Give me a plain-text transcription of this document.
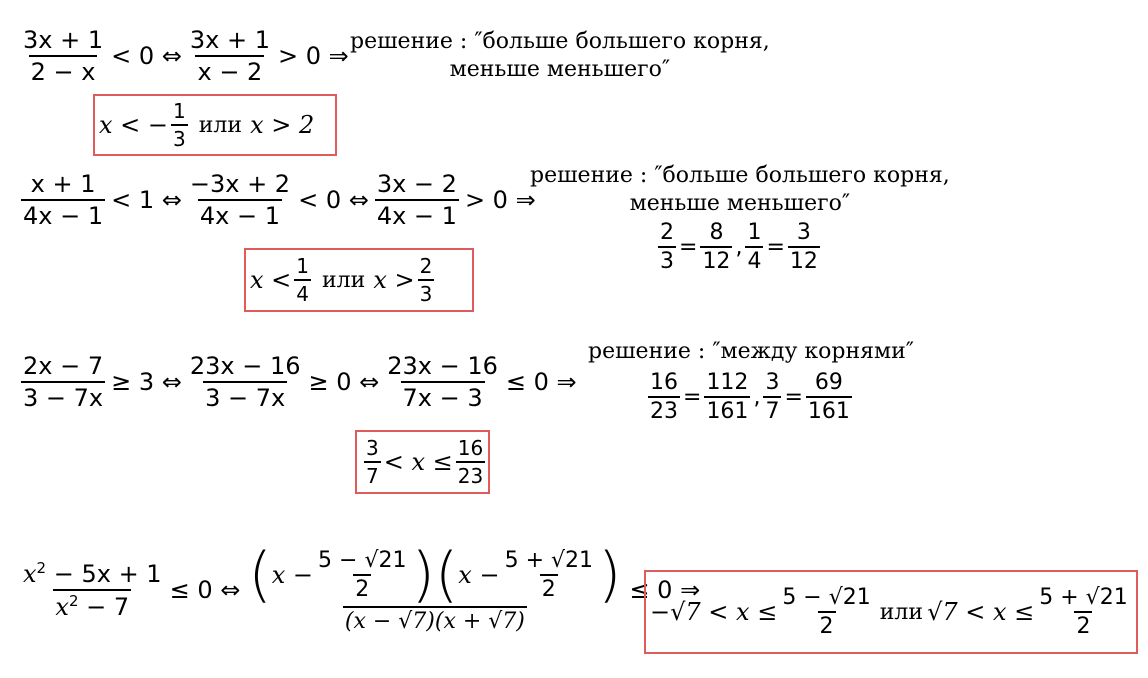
$\frac{3x + 1}{2 - x} < 0$ ⇔ $\frac{3x + 1}{x - 2} > 0$ ⇒
решение : ″больше большего корня,
меньше меньшего″
x < − $\frac{1}{3}$ или x > 2
$\frac{x + 1}{4x - 1} < 1$ ⇔ $\frac{-3x + 2}{4x - 1} < 0$ ⇔ $\frac{3x - 2}{4x - 1} > 0$ ⇒
решение : ″больше большего корня,
меньше меньшего″
$\frac{2}{3} = \frac{8}{12}$ , $\frac{1}{4} = \frac{3}{12}$
$x < \frac{1}{4}$ или $x > \frac{2}{3}$
$\frac{2x - 7}{3 - 7x} \ge 3$ ⇔ $\frac{23x - 16}{3 - 7x} \ge 0$ ⇔ $\frac{23x - 16}{7x - 3} \le 0$ ⇒
решение : ″между корнями″
$\frac{16}{23} = \frac{112}{161}$ , $\frac{3}{7} = \frac{69}{161}$
$\frac{3}{7} < x \le \frac{16}{23}$
$\frac{x^2 - 5x + 1}{x^2 - 7} \le 0$ ⇔ $\frac{( x - \frac{5 - √21}{2} )( x - \frac{5 + √21}{2} )}{(x - √7)(x + √7)} \le 0$ ⇒
$-√7 < x \le \frac{5 - √21}{2}$ или $√7 < x \le \frac{5 + √21}{2}$
